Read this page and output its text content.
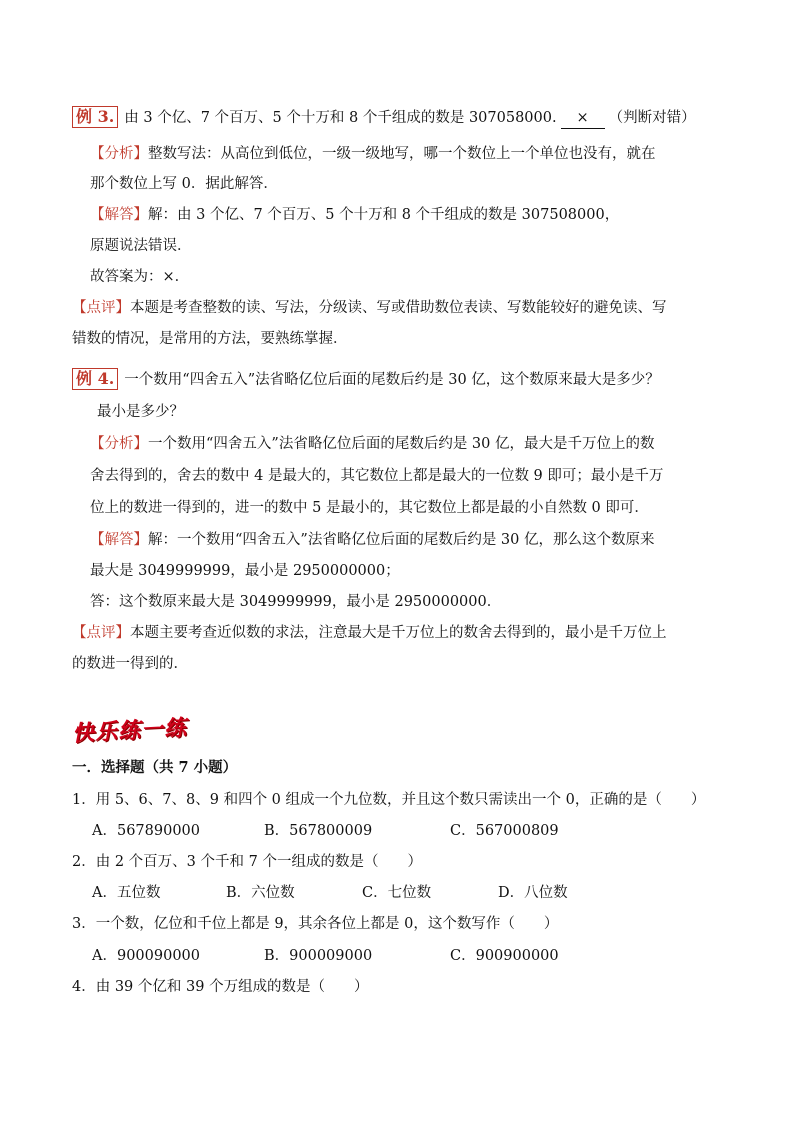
例 3. 由 3 个亿、7 个百万、5 个十万和 8 个千组成的数是 307058000. × （判断对错）
【分析】整数写法：从高位到低位，一级一级地写，哪一个数位上一个单位也没有，就在
那个数位上写 0．据此解答．
【解答】解：由 3 个亿、7 个百万、5 个十万和 8 个千组成的数是 307508000，
原题说法错误．
故答案为：×．
【点评】本题是考查整数的读、写法，分级读、写或借助数位表读、写数能较好的避免读、写
错数的情况，是常用的方法，要熟练掌握．
例 4. 一个数用“四舍五入”法省略亿位后面的尾数后约是 30 亿，这个数原来最大是多少？
最小是多少？
【分析】一个数用“四舍五入”法省略亿位后面的尾数后约是 30 亿，最大是千万位上的数
舍去得到的，舍去的数中 4 是最大的，其它数位上都是最大的一位数 9 即可；最小是千万
位上的数进一得到的，进一的数中 5 是最小的，其它数位上都是最的小自然数 0 即可．
【解答】解：一个数用“四舍五入”法省略亿位后面的尾数后约是 30 亿，那么这个数原来
最大是 3049999999，最小是 2950000000；
答：这个数原来最大是 3049999999，最小是 2950000000．
【点评】本题主要考查近似数的求法，注意最大是千万位上的数舍去得到的，最小是千万位上
的数进一得到的．
快乐练一练
一．选择题（共 7 小题）
1．用 5、6、7、8、9 和四个 0 组成一个九位数，并且这个数只需读出一个 0，正确的是（　　）
A．567890000	B．567800009	C．567000809
2．由 2 个百万、3 个千和 7 个一组成的数是（　　）
A．五位数	B．六位数	C．七位数	D．八位数
3．一个数，亿位和千位上都是 9，其余各位上都是 0，这个数写作（　　）
A．900090000	B．900009000	C．900900000
4．由 39 个亿和 39 个万组成的数是（　　）
